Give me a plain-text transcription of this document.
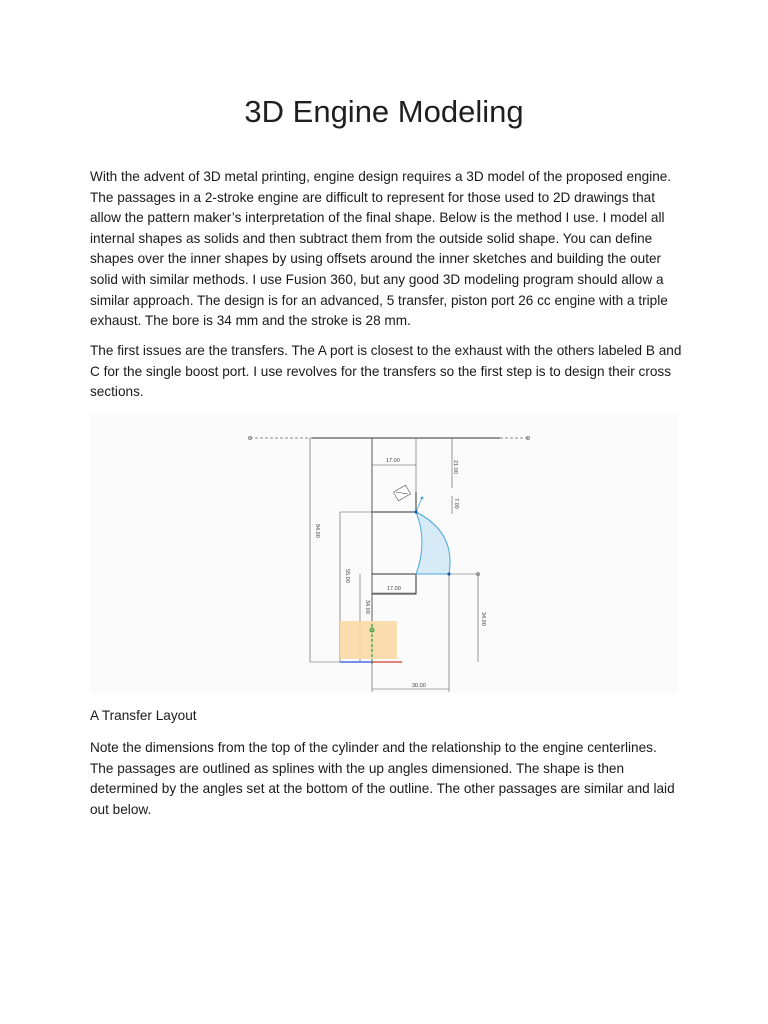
3D Engine Modeling

With the advent of 3D metal printing, engine design requires a 3D model of the proposed engine. The passages in a 2-stroke engine are difficult to represent for those used to 2D drawings that allow the pattern maker’s interpretation of the final shape. Below is the method I use. I model all internal shapes as solids and then subtract them from the outside solid shape. You can define shapes over the inner shapes by using offsets around the inner sketches and building the outer solid with similar methods. I use Fusion 360, but any good 3D modeling program should allow a similar approach. The design is for an advanced, 5 transfer, piston port 26 cc engine with a triple exhaust. The bore is 34 mm and the stroke is 28 mm.

The first issues are the transfers. The A port is closest to the exhaust with the others labeled B and C for the single boost port. I use revolves for the transfers so the first step is to design their cross sections.

17.00	21.00
7.00
84.00
55.00
17.00
34.00
34.00
30.00

A Transfer Layout

Note the dimensions from the top of the cylinder and the relationship to the engine centerlines. The passages are outlined as splines with the up angles dimensioned. The shape is then determined by the angles set at the bottom of the outline. The other passages are similar and laid out below.
